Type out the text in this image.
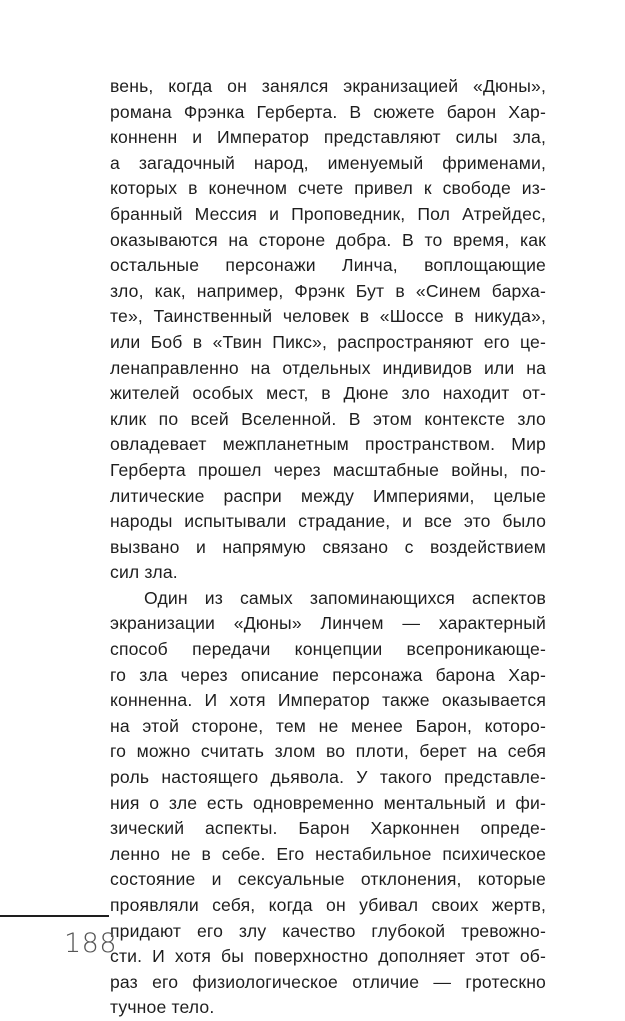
вень, когда он занялся экранизацией «Дюны»,
романа Фрэнка Герберта. В сюжете барон Хар-
конненн и Император представляют силы зла,
а загадочный народ, именуемый фрименами,
которых в конечном счете привел к свободе из-
бранный Мессия и Проповедник, Пол Атрейдес,
оказываются на стороне добра. В то время, как
остальные персонажи Линча, воплощающие
зло, как, например, Фрэнк Бут в «Синем барха-
те», Таинственный человек в «Шоссе в никуда»,
или Боб в «Твин Пикс», распространяют его це-
ленаправленно на отдельных индивидов или на
жителей особых мест, в Дюне зло находит от-
клик по всей Вселенной. В этом контексте зло
овладевает межпланетным пространством. Мир
Герберта прошел через масштабные войны, по-
литические распри между Империями, целые
народы испытывали страдание, и все это было
вызвано и напрямую связано с воздействием
сил зла.
Один из самых запоминающихся аспектов
экранизации «Дюны» Линчем — характерный
способ передачи концепции всепроникающе-
го зла через описание персонажа барона Хар-
конненна. И хотя Император также оказывается
на этой стороне, тем не менее Барон, которо-
го можно считать злом во плоти, берет на себя
роль настоящего дьявола. У такого представле-
ния о зле есть одновременно ментальный и фи-
зический аспекты. Барон Харконнен опреде-
ленно не в себе. Его нестабильное психическое
состояние и сексуальные отклонения, которые
проявляли себя, когда он убивал своих жертв,
придают его злу качество глубокой тревожно-
сти. И хотя бы поверхностно дополняет этот об-
раз его физиологическое отличие — гротескно
тучное тело.
188
